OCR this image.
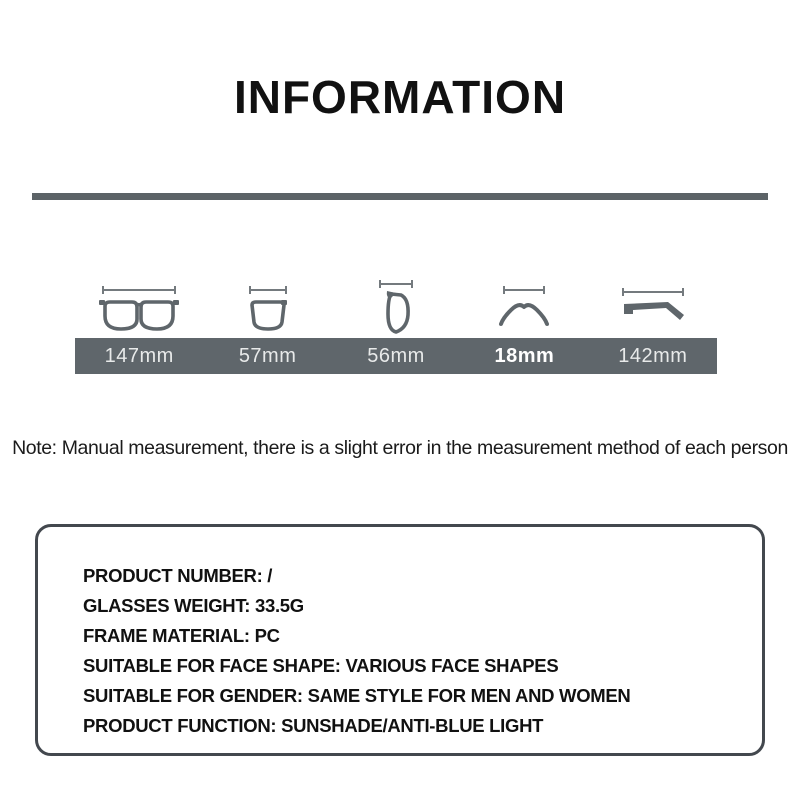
INFORMATION
147mm	57mm	56mm	18mm	142mm
Note: Manual measurement, there is a slight error in the measurement method of each person
PRODUCT NUMBER: /
GLASSES WEIGHT: 33.5G
FRAME MATERIAL: PC
SUITABLE FOR FACE SHAPE: VARIOUS FACE SHAPES
SUITABLE FOR GENDER: SAME STYLE FOR MEN AND WOMEN
PRODUCT FUNCTION: SUNSHADE/ANTI-BLUE LIGHT
